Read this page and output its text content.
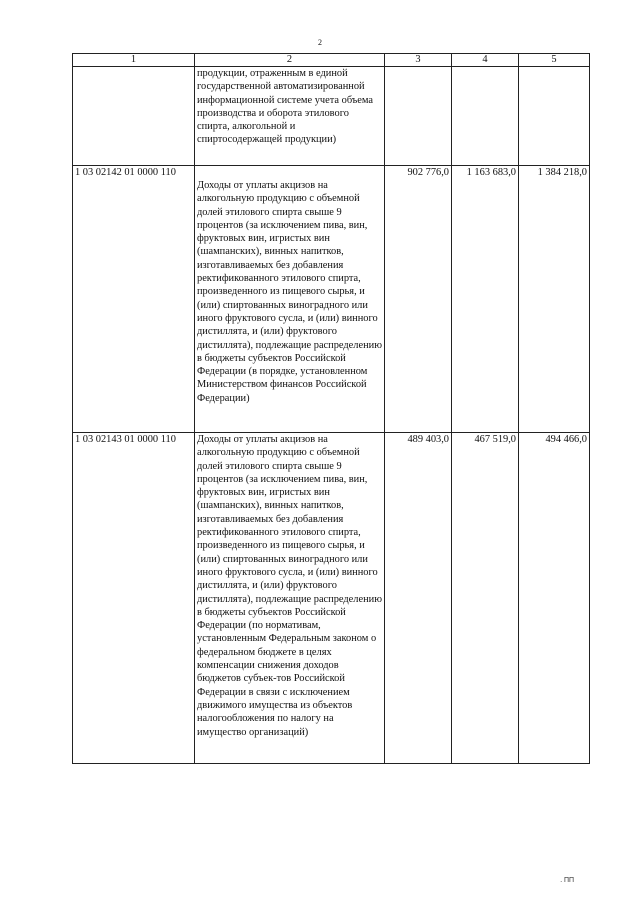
2
1	2	3	4	5
	продукции, отраженным в единой государственной автоматизированной информационной системе учета объема производства и оборота этилового спирта, алкогольной и спиртосодержащей продукции)			
1 03 02142 01 0000 110	Доходы от уплаты акцизов на алкогольную продукцию с объемной долей этилового спирта свыше 9 процентов (за исключением пива, вин, фруктовых вин, игристых вин (шампанских), винных напитков, изготавливаемых без добавления ректификованного этилового спирта, произведенного из пищевого сырья, и (или) спиртованных виноградного или иного фруктового сусла, и (или) винного дистиллята, и (или) фруктового дистиллята), подлежащие распределению в бюджеты субъектов Российской Федерации (в порядке, установленном Министерством финансов Российской Федерации)	902 776,0	1 163 683,0	1 384 218,0
1 03 02143 01 0000 110	Доходы от уплаты акцизов на алкогольную продукцию с объемной долей этилового спирта свыше 9 процентов (за исключением пива, вин, фруктовых вин, игристых вин (шампанских), винных напитков, изготавливаемых без добавления ректификованного этилового спирта, произведенного из пищевого сырья, и (или) спиртованных виноградного или иного фруктового сусла, и (или) винного дистиллята, и (или) фруктового дистиллята), подлежащие распределению в бюджеты субъектов Российской Федерации (по нормативам, установленным Федеральным законом о федеральном бюджете в целях компенсации снижения доходов бюджетов субъек-тов Российской Федерации в связи с исключением движимого имущества из объектов налогообложения по налогу на имущество организаций)	489 403,0	467 519,0	494 466,0
· ПП
